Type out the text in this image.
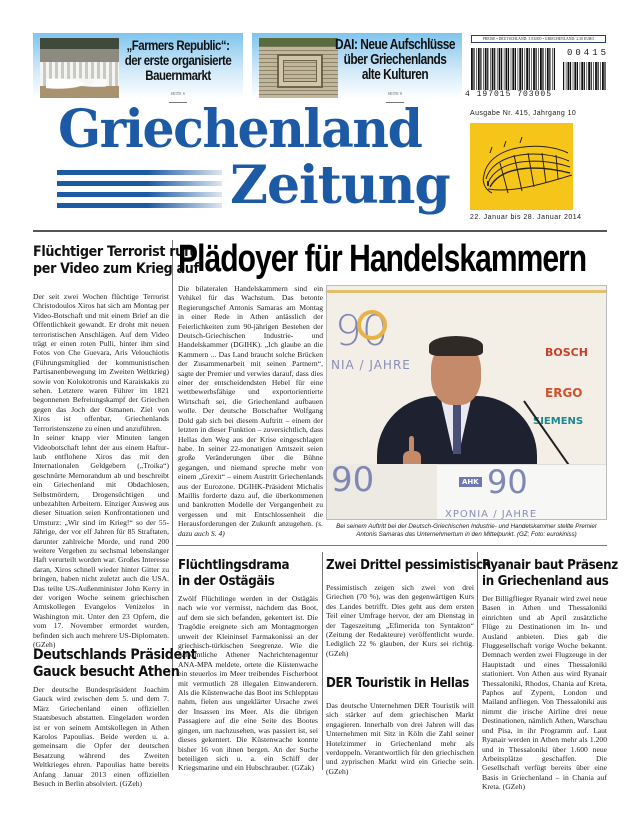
„Farmers Republic“:
der erste organisierte
Bauernmarkt
SEITE 6
DAI: Neue Aufschlüsse
über Griechenlands
alte Kulturen
SEITE 8
PREISE • DEUTSCHLAND: 3 EURO • GRIECHENLAND: 2,50 EURO
4 197015 703005
00415
Griechenland
Zeitung
Ausgabe Nr. 415, Jahrgang 10
22. Januar bis 28. Januar 2014
Flüchtiger Terrorist ruft
per Video zum Krieg auf

Der seit zwei Wochen flüchtige Terrorist Christodoulos Xiros hat sich am Montag per Video-Botschaft und mit einem Brief an die Öffentlichkeit gewandt. Er droht mit neuen terroristischen Anschlägen. Auf dem Video trägt er einen roten Pulli, hinter ihm sind Fotos von Che Guevara, Aris Velouchiotis (Führungsmitglied der kommunistischen Partisanenbewegung im Zweiten Weltkrieg) sowie von Kolokotronis und Karaiskakis zu sehen. Letztere waren Führer im 1821 begonnenen Befreiungskampf der Griechen gegen das Joch der Osmanen. Ziel von Xiros ist offenbar, Griechenlands Terroristenszene zu einen und anzuführen.

In seiner knapp vier Minuten langen Videobotschaft lehnt der aus einem Hafturlaub entflohene Xiros das mit den Internationalen Geldgebern („Troika“) geschnürte Memorandum ab und beschreibt ein Griechenland mit Obdachlosen, Selbstmördern, Drogensüchtigen und unbezahlten Arbeitern. Einziger Ausweg aus dieser Situation seien Konfrontationen und Umsturz: „Wir sind im Krieg!“ so der 55-Jährige, der vor elf Jahren für 85 Straftaten, darunter zahlreiche Morde, und rund 200 weitere Vergehen zu sechsmal lebenslanger Haft verurteilt worden war. Großes Interesse daran, Xiros schnell wieder hinter Gitter zu bringen, haben nicht zuletzt auch die USA. Das teilte US-Außenminister John Kerry in der vorigen Woche seinem griechischen Amtskollegen Evangelos Venizelos in Washington mit. Unter den 23 Opfern, die vom 17. November ermordet wurden, befinden sich auch mehrere US-Diplomaten. (GZeh)

Deutschlands Präsident
Gauck besucht Athen
Der deutsche Bundespräsident Joachim Gauck wird zwischen dem 5. und dem 7. März Griechenland einen offiziellen Staatsbesuch abstatten. Eingeladen worden ist er von seinem Amtskollegen in Athen Karolos Papoulias. Beide werden u. a. gemeinsam die Opfer der deutschen Besatzung während des Zweiten Weltkrieges ehren. Papoulias hatte bereits Anfang Januar 2013 einen offiziellen Besuch in Berlin absolviert. (GZeh)
Plädoyer für Handelskammern
Die bilateralen Handelskammern sind ein Vehikel für das Wachstum. Das betonte Regierungschef Antonis Samaras am Montag in einer Rede in Athen anlässlich der Feierlichkeiten zum 90-jährigen Bestehen der Deutsch-Griechischen Industrie- und Handelskammer (DGIHK). „Ich glaube an die Kammern ... Das Land braucht solche Brücken der Zusammenarbeit mit seinen Partnern“, sagte der Premier und verwies darauf, dass dies einer der entscheidendsten Hebel für eine wettbewerbsfähige und exportorientierte Wirtschaft sei, die Griechenland aufbauen wolle. Der deutsche Botschafter Wolfgang Dold gab sich bei diesem Auftritt – einem der letzten in dieser Funktion – zuversichtlich, dass Hellas den Weg aus der Krise eingeschlagen habe. In seiner 22-monatigen Amtszeit seien große Veränderungen über die Bühne gegangen, und niemand spreche mehr von einem „Grexit“ – einem Austritt Griechenlands aus der Eurozone. DGIHK-Präsident Michalis Maillis forderte dazu auf, die überkommenen und bankrotten Modelle der Vergangenheit zu vergessen und mit Entschlossenheit die Herausforderungen der Zukunft anzugehen. (s. dazu auch S. 4)
90
NIA / JAHRE
BOSCH
ERGO
SIEMENS
AHK 90
XPONIA / JAHRE
90
Bei seinem Auftritt bei der Deutsch-Griechischen Industrie- und Handelskammer stellte Premier Antonis Samaras das Unternehmertum in den Mittelpunkt. (GZ; Foto: eurokiniss)
Flüchtlingsdrama
in der Ostägäis
Zwölf Flüchtlinge werden in der Ostägäis nach wie vor vermisst, nachdem das Boot, auf dem sie sich befanden, gekentert ist. Die Tragödie ereignete sich am Montagmorgen unweit der Kleininsel Farmakonissi an der griechisch-türkischen Seegrenze. Wie die halbamtliche Athener Nachrichtenagentur ANA-MPA meldete, ortete die Küstenwache ein steuerlos im Meer treibendes Fischerboot mit vermutlich 28 illegalen Einwanderern. Als die Küstenwache das Boot ins Schlepptau nahm, fielen aus ungeklärter Ursache zwei der Insassen ins Meer. Als die übrigen Passagiere auf die eine Seite des Bootes gingen, um nachzusehen, was passiert ist, sei dieses gekentert. Die Küstenwache konnte bisher 16 von ihnen bergen. An der Suche beteiligen sich u. a. ein Schiff der Kriegsmarine und ein Hubschrauber. (GZak)
Zwei Drittel pessimistisch
Pessimistisch zeigen sich zwei von drei Griechen (70 %), was den gegenwärtigen Kurs des Landes betrifft. Dies geht aus dem ersten Teil einer Umfrage hervor, der am Dienstag in der Tageszeitung „Efimerida ton Syntakton“ (Zeitung der Redakteure) veröffentlicht wurde. Lediglich 22 % glauben, der Kurs sei richtig. (GZeh)
DER Touristik in Hellas
Das deutsche Unternehmen DER Touristik will sich stärker auf dem griechischen Markt engagieren. Innerhalb von drei Jahren will das Unternehmen mit Sitz in Köln die Zahl seiner Hotelzimmer in Griechenland mehr als verdoppeln. Verantwortlich für den griechischen und zyprischen Markt wird ein Grieche sein. (GZeh)
Ryanair baut Präsenz
in Griechenland aus
Der Billigflieger Ryanair wird zwei neue Basen in Athen und Thessaloniki einrichten und ab April zusätzliche Flüge zu Destinationen im In- und Ausland anbieten. Dies gab die Fluggesellschaft vorige Woche bekannt. Demnach werden zwei Flugzeuge in der Hauptstadt und eines Thessaloniki stationiert. Von Athen aus wird Ryanair Thessaloniki, Rhodos, Chania auf Kreta, Paphos auf Zypern, London und Mailand anfliegen. Von Thessaloniki aus nimmt die irische Airline drei neue Destinationen, nämlich Athen, Warschau und Pisa, in ihr Programm auf. Laut Ryanair werden in Athen mehr als 1.200 und in Thessaloniki über 1.600 neue Arbeitsplätze geschaffen. Die Gesellschaft verfügt bereits über eine Basis in Griechenland – in Chania auf Kreta. (GZeh)
